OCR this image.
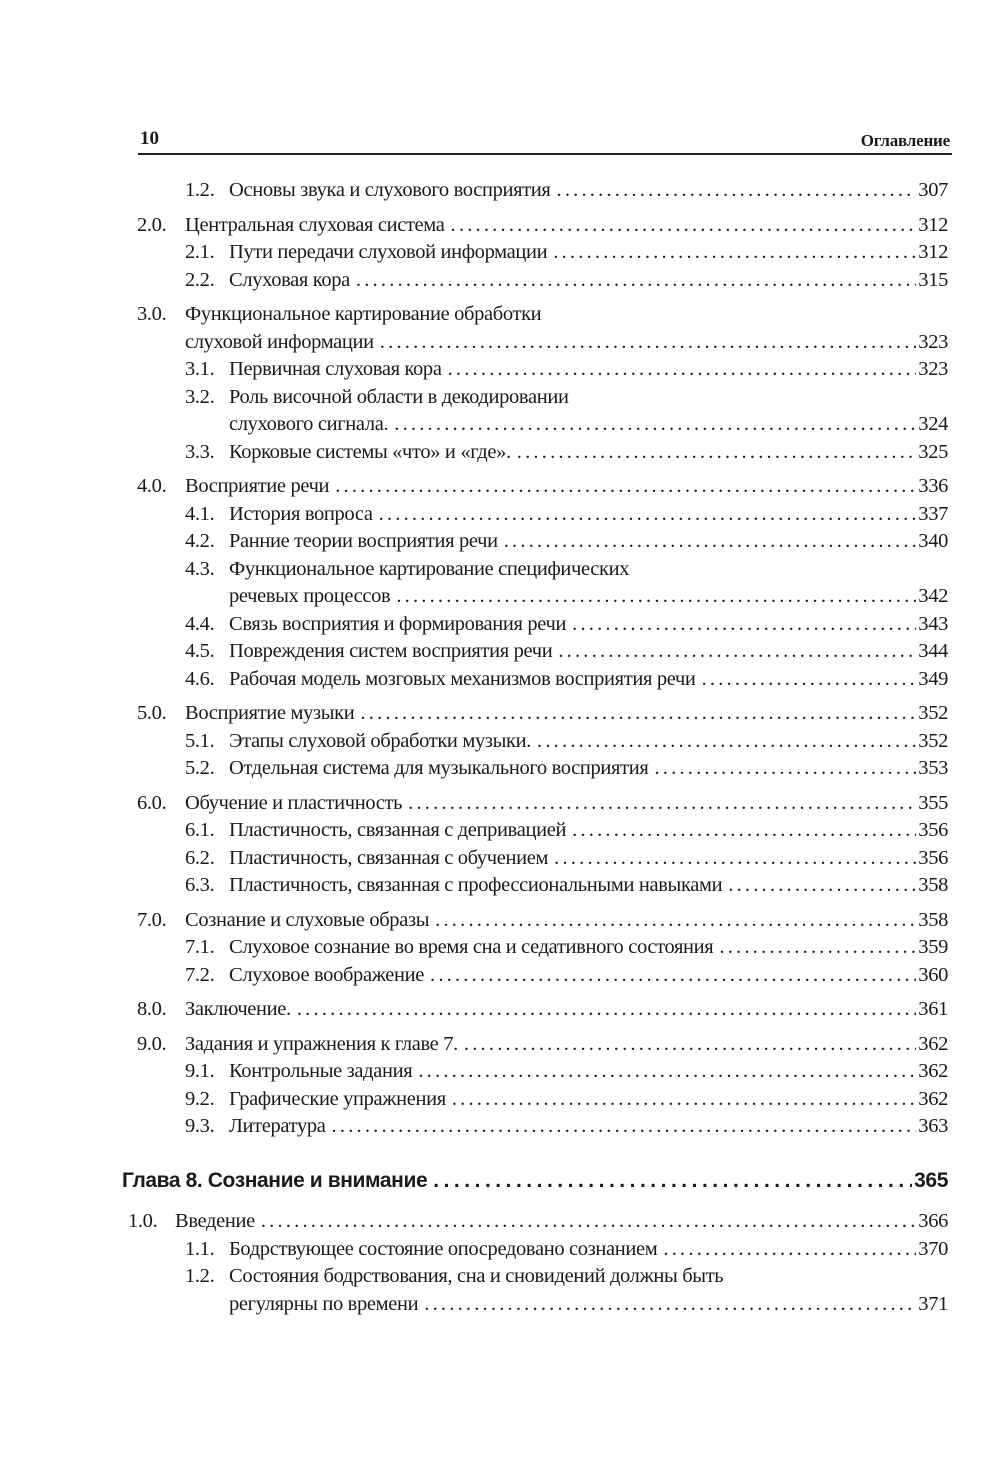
10	Оглавление
1.2. Основы звука и слухового восприятия .....	307
2.0. Центральная слуховая система .....	312
2.1. Пути передачи слуховой информации .....	312
2.2. Слуховая кора .....	315
3.0. Функциональное картирование обработки
слуховой информации .....	323
3.1. Первичная слуховая кора .....	323
3.2. Роль височной области в декодировании
слухового сигнала. .....	324
3.3. Корковые системы «что» и «где». .....	325
4.0. Восприятие речи .....	336
4.1. История вопроса .....	337
4.2. Ранние теории восприятия речи .....	340
4.3. Функциональное картирование специфических
речевых процессов .....	342
4.4. Связь восприятия и формирования речи .....	343
4.5. Повреждения систем восприятия речи .....	344
4.6. Рабочая модель мозговых механизмов восприятия речи .....	349
5.0. Восприятие музыки .....	352
5.1. Этапы слуховой обработки музыки. .....	352
5.2. Отдельная система для музыкального восприятия .....	353
6.0. Обучение и пластичность .....	355
6.1. Пластичность, связанная с депривацией .....	356
6.2. Пластичность, связанная с обучением .....	356
6.3. Пластичность, связанная с профессиональными навыками .....	358
7.0. Сознание и слуховые образы .....	358
7.1. Слуховое сознание во время сна и седативного состояния .....	359
7.2. Слуховое воображение .....	360
8.0. Заключение. .....	361
9.0. Задания и упражнения к главе 7. .....	362
9.1. Контрольные задания .....	362
9.2. Графические упражнения .....	362
9.3. Литература .....	363
Глава 8. Сознание и внимание .....	365
1.0. Введение .....	366
1.1. Бодрствующее состояние опосредовано сознанием .....	370
1.2. Состояния бодрствования, сна и сновидений должны быть
регулярны по времени .....	371
